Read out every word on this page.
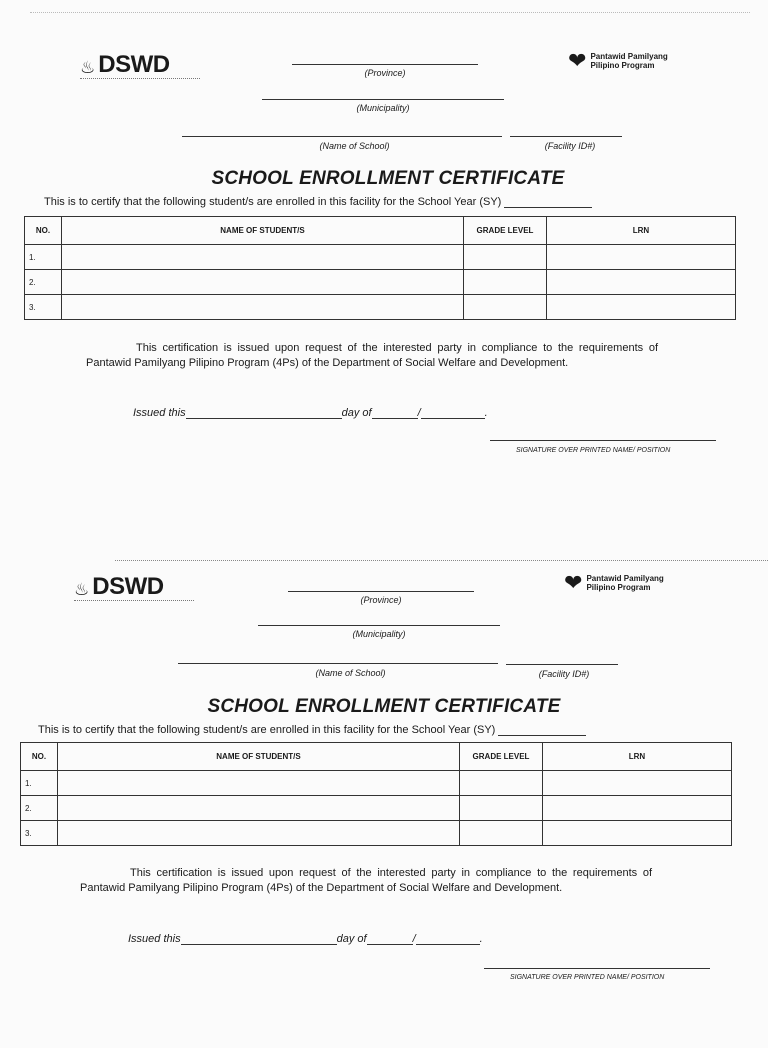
♨ DSWD	❤ Pantawid Pamilyang Pilipino Program
(Province)
(Municipality)
(Name of School)	(Facility ID#)
SCHOOL ENROLLMENT CERTIFICATE
This is to certify that the following student/s are enrolled in this facility for the School Year (SY)
NO.	NAME OF STUDENT/S	GRADE LEVEL	LRN
1.			
2.			
3.			
This certification is issued upon request of the interested party in compliance to the requirements of Pantawid Pamilyang Pilipino Program (4Ps) of the Department of Social Welfare and Development.
Issued this	day of	/	.
SIGNATURE OVER PRINTED NAME/ POSITION
♨ DSWD	❤ Pantawid Pamilyang Pilipino Program
(Province)
(Municipality)
(Name of School)	(Facility ID#)
SCHOOL ENROLLMENT CERTIFICATE
This is to certify that the following student/s are enrolled in this facility for the School Year (SY)
NO.	NAME OF STUDENT/S	GRADE LEVEL	LRN
1.			
2.			
3.			
This certification is issued upon request of the interested party in compliance to the requirements of Pantawid Pamilyang Pilipino Program (4Ps) of the Department of Social Welfare and Development.
Issued this	day of	/	.
SIGNATURE OVER PRINTED NAME/ POSITION
